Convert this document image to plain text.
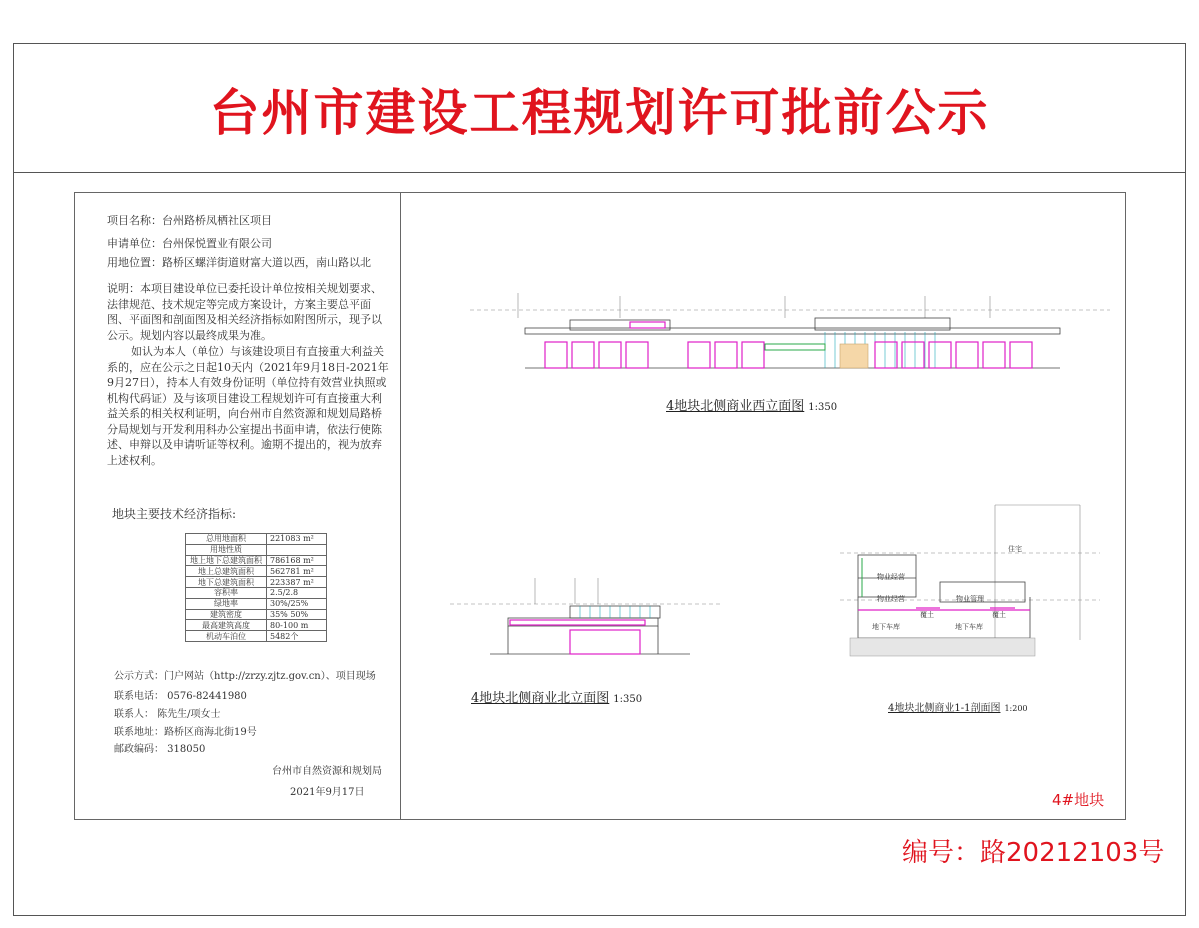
台州市建设工程规划许可批前公示
项目名称：台州路桥凤栖社区项目
申请单位：台州保悦置业有限公司
用地位置：路桥区螺洋街道财富大道以西，南山路以北
说明：本项目建设单位已委托设计单位按相关规划要求、法律规范、技术规定等完成方案设计，方案主要总平面图、平面图和剖面图及相关经济指标如附图所示，现予以公示。规划内容以最终成果为准。
如认为本人（单位）与该建设项目有直接重大利益关系的，应在公示之日起10天内（2021年9月18日-2021年9月27日），持本人有效身份证明（单位持有效营业执照或机构代码证）及与该项目建设工程规划许可有直接重大利益关系的相关权利证明，向台州市自然资源和规划局路桥分局规划与开发利用科办公室提出书面申请，依法行使陈述、申辩以及申请听证等权利。逾期不提出的，视为放弃上述权利。
地块主要技术经济指标:
总用地面积	221083 m²
用地性质	
地上地下总建筑面积	786168 m²
地上总建筑面积	562781 m²
地下总建筑面积	223387 m²
容积率	2.5/2.8
绿地率	30%/25%
建筑密度	35% 50%
最高建筑高度	80-100 m
机动车泊位	5482个
公示方式：门户网站（http://zrzy.zjtz.gov.cn）、项目现场
联系电话： 0576-82441980
联系人： 陈先生/项女士
联系地址：路桥区商海北街19号
邮政编码： 318050
台州市自然资源和规划局
2021年9月17日
4地块北侧商业西立面图 1:350
4地块北侧商业北立面图 1:350
住宅
物业经营
物业经营	物业管理
覆土	覆土
地下车库	地下车库
4地块北侧商业1-1剖面图 1:200
4#地块
编号：路20212103号
